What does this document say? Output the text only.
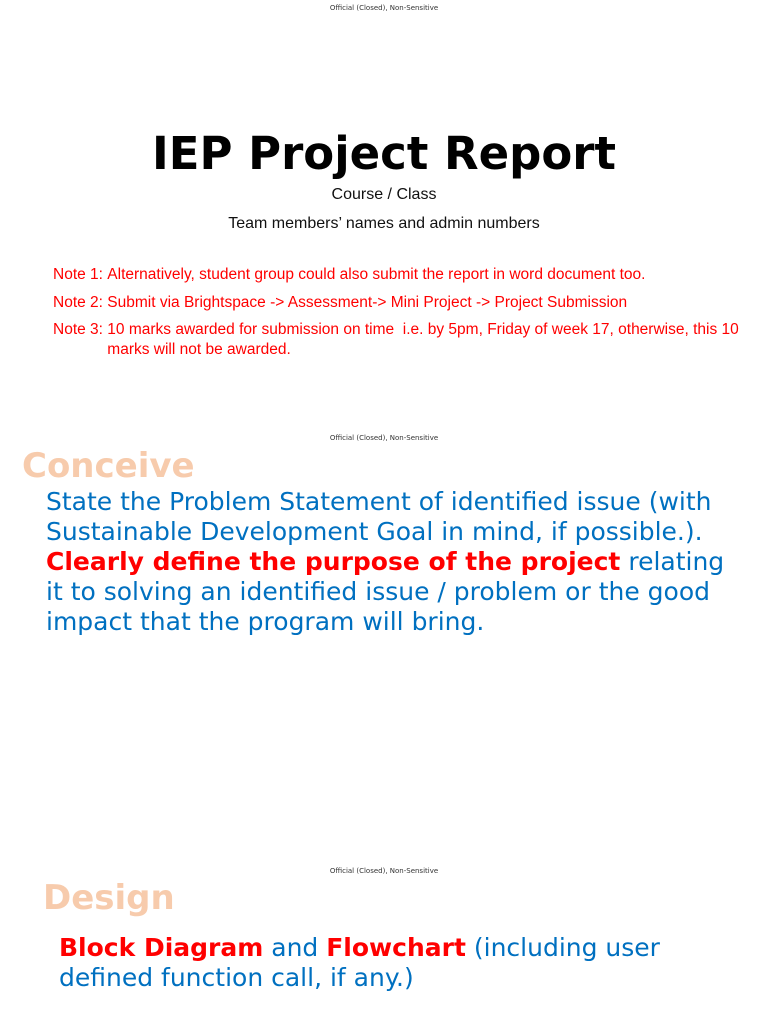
Official (Closed), Non-Sensitive
IEP Project Report
Course / Class
Team members’ names and admin numbers
Note 1: Alternatively, student group could also submit the report in word document too.
Note 2: Submit via Brightspace -> Assessment-> Mini Project -> Project Submission
Note 3: 10 marks awarded for submission on time  i.e. by 5pm, Friday of week 17, otherwise, this 10 marks will not be awarded.
Official (Closed), Non-Sensitive
Conceive
State the Problem Statement of identified issue (with Sustainable Development Goal in mind, if possible.). Clearly define the purpose of the project relating it to solving an identified issue / problem or the good impact that the program will bring.
Official (Closed), Non-Sensitive
Design
Block Diagram and Flowchart (including user defined function call, if any.)
